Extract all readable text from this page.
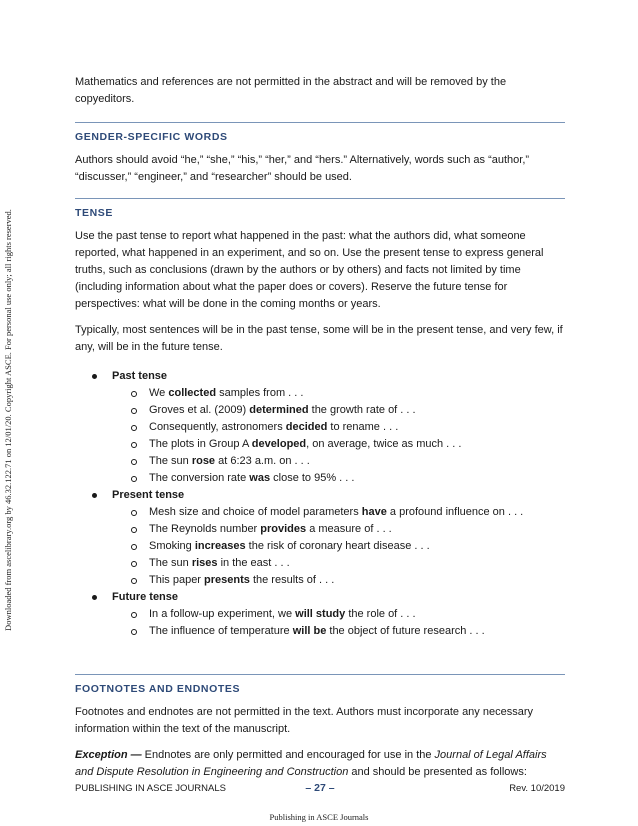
Downloaded from ascelibrary.org by 46.32.122.71 on 12/01/20. Copyright ASCE. For personal use only; all rights reserved.

Mathematics and references are not permitted in the abstract and will be removed by the copyeditors.

GENDER-SPECIFIC WORDS

Authors should avoid “he,” “she,” “his,” “her,” and “hers.” Alternatively, words such as “author,” “discusser,” “engineer,” and “researcher” should be used.

TENSE

Use the past tense to report what happened in the past: what the authors did, what someone reported, what happened in an experiment, and so on. Use the present tense to express general truths, such as conclusions (drawn by the authors or by others) and facts not limited by time (including information about what the paper does or covers). Reserve the future tense for perspectives: what will be done in the coming months or years.

Typically, most sentences will be in the past tense, some will be in the present tense, and very few, if any, will be in the future tense.

Past tense
We collected samples from . . .
Groves et al. (2009) determined the growth rate of . . .
Consequently, astronomers decided to rename . . .
The plots in Group A developed, on average, twice as much . . .
The sun rose at 6:23 a.m. on . . .
The conversion rate was close to 95% . . .
Present tense
Mesh size and choice of model parameters have a profound influence on . . .
The Reynolds number provides a measure of . . .
Smoking increases the risk of coronary heart disease . . .
The sun rises in the east . . .
This paper presents the results of . . .
Future tense
In a follow-up experiment, we will study the role of . . .
The influence of temperature will be the object of future research . . .
FOOTNOTES AND ENDNOTES

Footnotes and endnotes are not permitted in the text. Authors must incorporate any necessary information within the text of the manuscript.

Exception — Endnotes are only permitted and encouraged for use in the Journal of Legal Affairs and Dispute Resolution in Engineering and Construction and should be presented as follows:

PUBLISHING IN ASCE JOURNALS	– 27 –	Rev. 10/2019
Publishing in ASCE Journals
